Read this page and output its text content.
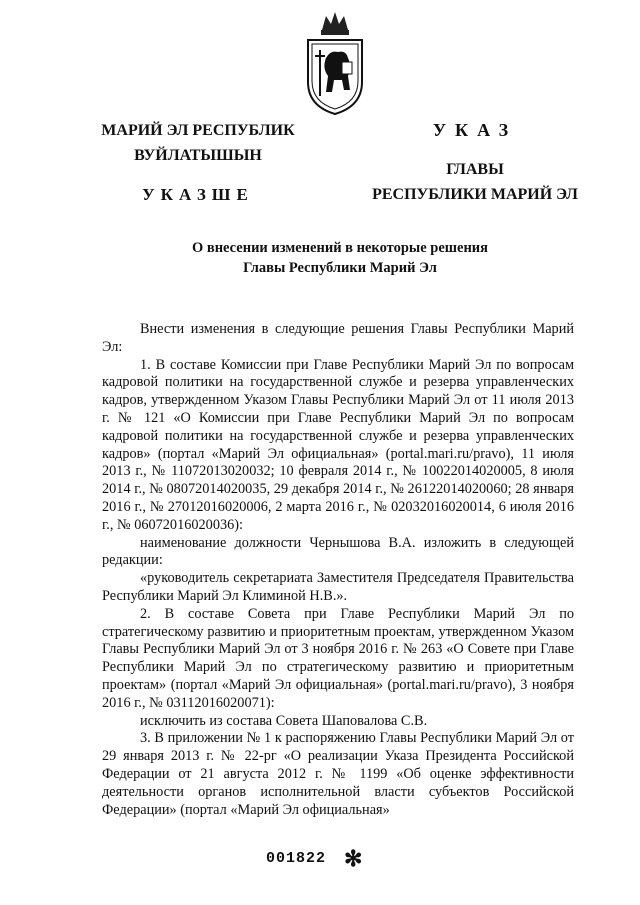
МАРИЙ ЭЛ РЕСПУБЛИК
ВУЙЛАТЫШЫН
УКАЗШЕ
УКАЗ
ГЛАВЫ
РЕСПУБЛИКИ МАРИЙ ЭЛ
О внесении изменений в некоторые решения
Главы Республики Марий Эл

Внести изменения в следующие решения Главы Республики Марий Эл:

1. В составе Комиссии при Главе Республики Марий Эл по вопросам кадровой политики на государственной службе и резерва управленческих кадров, утвержденном Указом Главы Республики Марий Эл от 11 июля 2013 г. № 121 «О Комиссии при Главе Республики Марий Эл по вопросам кадровой политики на государственной службе и резерва управленческих кадров» (портал «Марий Эл официальная» (portal.mari.ru/pravo), 11 июля 2013 г., № 11072013020032; 10 февраля 2014 г., № 10022014020005, 8 июля 2014 г., № 08072014020035, 29 декабря 2014 г., № 26122014020060; 28 января 2016 г., № 27012016020006, 2 марта 2016 г., № 02032016020014, 6 июля 2016 г., № 06072016020036):

наименование должности Чернышова В.А. изложить в следующей редакции:

«руководитель секретариата Заместителя Председателя Правительства Республики Марий Эл Климиной Н.В.».

2. В составе Совета при Главе Республики Марий Эл по стратегическому развитию и приоритетным проектам, утвержденном Указом Главы Республики Марий Эл от 3 ноября 2016 г. № 263 «О Совете при Главе Республики Марий Эл по стратегическому развитию и приоритетным проектам» (портал «Марий Эл официальная» (portal.mari.ru/pravo), 3 ноября 2016 г., № 03112016020071):

исключить из состава Совета Шаповалова С.В.

3. В приложении № 1 к распоряжению Главы Республики Марий Эл от 29 января 2013 г. № 22-рг «О реализации Указа Президента Российской Федерации от 21 августа 2012 г. № 1199 «Об оценке эффективности деятельности органов исполнительной власти субъектов Российской Федерации» (портал «Марий Эл официальная»

001822 ✻
